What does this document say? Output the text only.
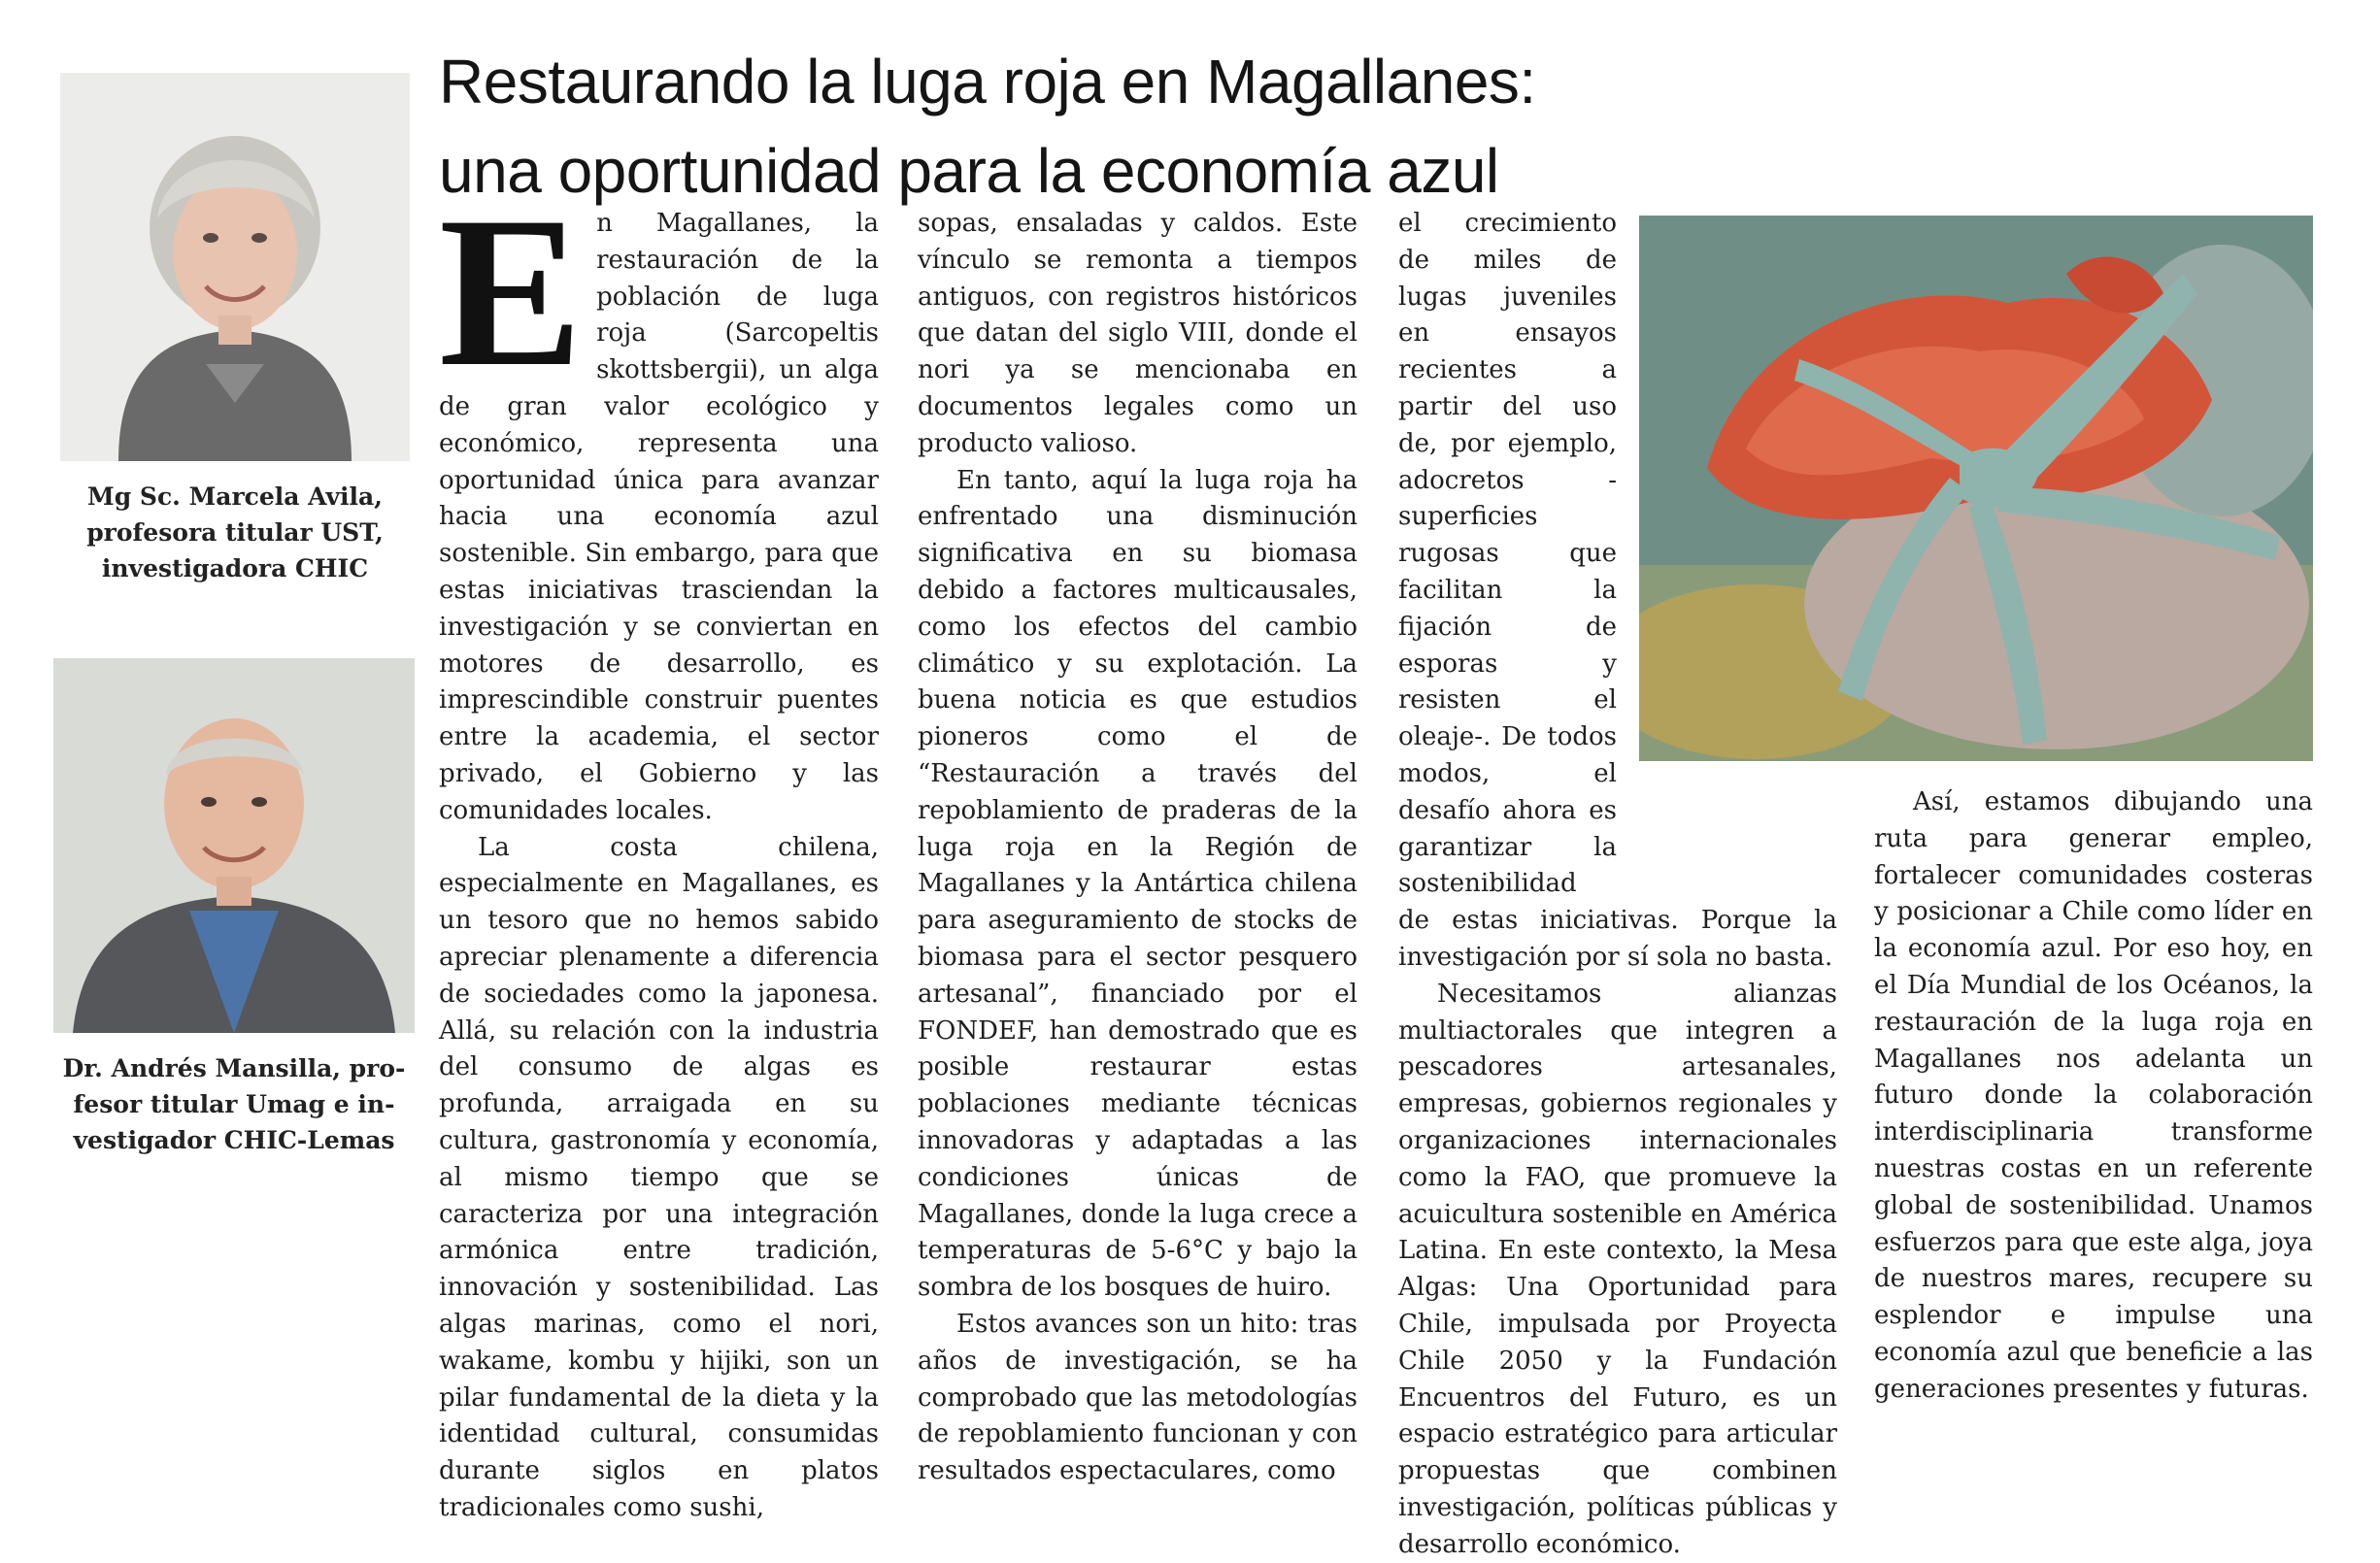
Mg Sc. Marcela Avila,
profesora titular UST,
investigadora CHIC
Dr. Andrés Mansilla, pro-
fesor titular Umag e in-
vestigador CHIC-Lemas
Restaurando la luga roja en Magallanes:
una oportunidad para la economía azul
E n Magallanes, la restauración de la población de luga roja (Sarcopeltis skottsbergii), un alga de gran valor ecológico y económico, representa una oportunidad única para avanzar hacia una economía azul sostenible. Sin embargo, para que estas iniciativas trasciendan la investigación y se conviertan en motores de desarrollo, es imprescindible construir puentes entre la academia, el sector privado, el Gobierno y las comunidades locales.

La costa chilena, especialmente en Magallanes, es un tesoro que no hemos sabido apreciar plenamente a diferencia de sociedades como la japonesa. Allá, su relación con la industria del consumo de algas es profunda, arraigada en su cultura, gastronomía y economía, al mismo tiempo que se caracteriza por una integración armónica entre tradición, innovación y sostenibilidad. Las algas marinas, como el nori, wakame, kombu y hijiki, son un pilar fundamental de la dieta y la identidad cultural, consumidas durante siglos en platos tradicionales como sushi,

sopas, ensaladas y caldos. Este vínculo se remonta a tiempos antiguos, con registros históricos que datan del siglo VIII, donde el nori ya se mencionaba en documentos legales como un producto valioso.

En tanto, aquí la luga roja ha enfrentado una disminución significativa en su biomasa debido a factores multicausales, como los efectos del cambio climático y su explotación. La buena noticia es que estudios pioneros como el de “Restauración a través del repoblamiento de praderas de la luga roja en la Región de Magallanes y la Antártica chilena para aseguramiento de stocks de biomasa para el sector pesquero artesanal”, financiado por el FONDEF, han demostrado que es posible restaurar estas poblaciones mediante técnicas innovadoras y adaptadas a las condiciones únicas de Magallanes, donde la luga crece a temperaturas de 5-6°C y bajo la sombra de los bosques de huiro.

Estos avances son un hito: tras años de investigación, se ha comprobado que las metodologías de repoblamiento funcionan y con resultados espectaculares, como

el crecimiento de miles de lugas juveniles en ensayos recientes a partir del uso de, por ejemplo, adocretos -superficies rugosas que facilitan la fijación de esporas y resisten el oleaje-. De todos modos, el desafío ahora es garantizar la sostenibilidad

de estas iniciativas. Porque la investigación por sí sola no basta.

Necesitamos alianzas multiactorales que integren a pescadores artesanales, empresas, gobiernos regionales y organizaciones internacionales como la FAO, que promueve la acuicultura sostenible en América Latina. En este contexto, la Mesa Algas: Una Oportunidad para Chile, impulsada por Proyecta Chile 2050 y la Fundación Encuentros del Futuro, es un espacio estratégico para articular propuestas que combinen investigación, políticas públicas y desarrollo económico.

Así, estamos dibujando una ruta para generar empleo, fortalecer comunidades costeras y posicionar a Chile como líder en la economía azul. Por eso hoy, en el Día Mundial de los Océanos, la restauración de la luga roja en Magallanes nos adelanta un futuro donde la colaboración interdisciplinaria transforme nuestras costas en un referente global de sostenibilidad. Unamos esfuerzos para que este alga, joya de nuestros mares, recupere su esplendor e impulse una economía azul que beneficie a las generaciones presentes y futuras.
